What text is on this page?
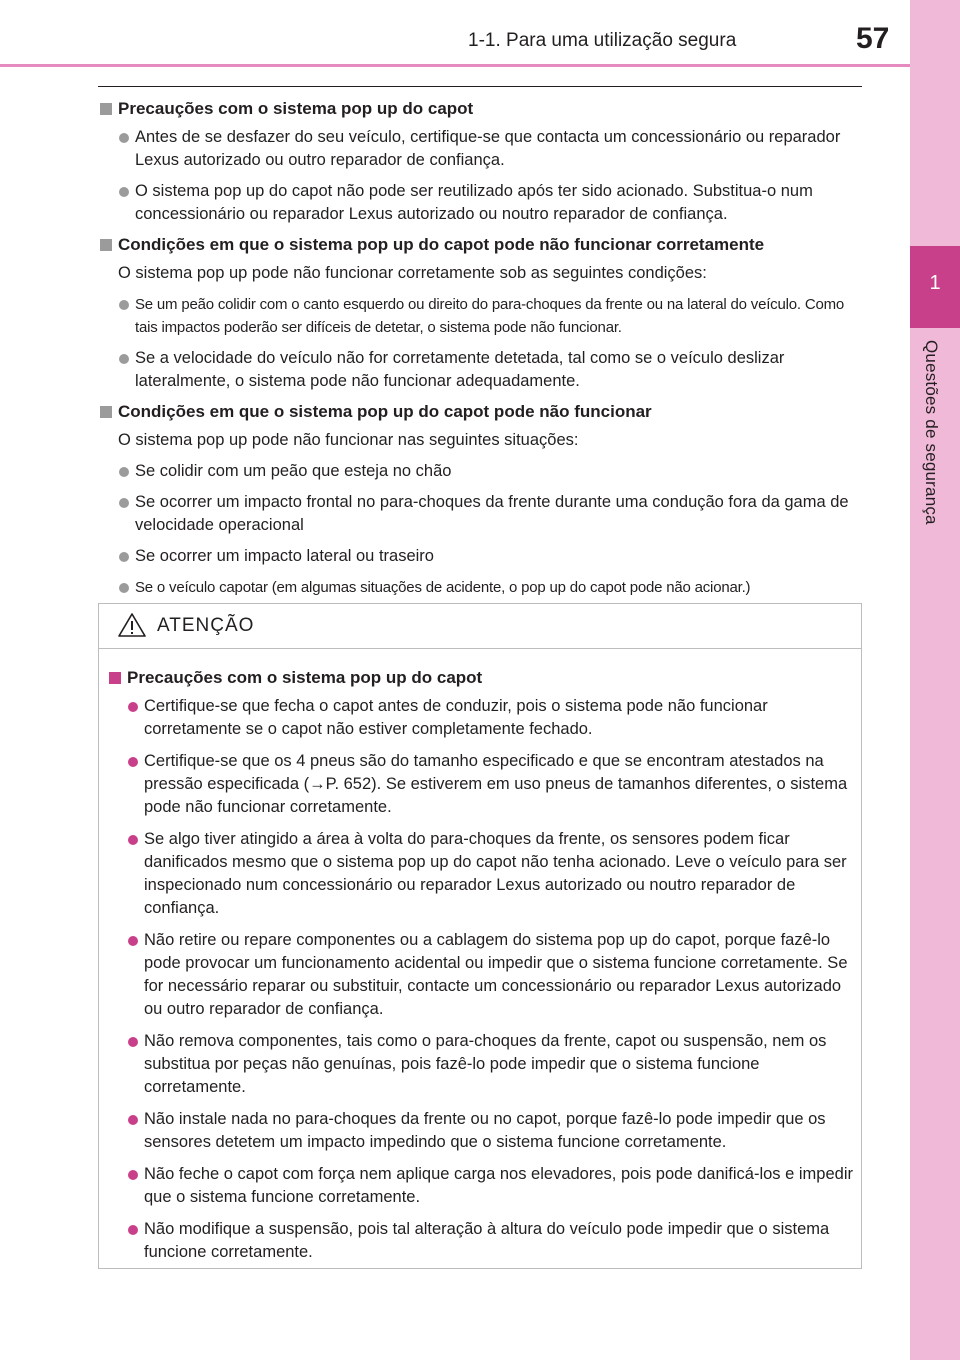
1-1. Para uma utilização segura	57
1
Questões de segurança
Precauções com o sistema pop up do capot
Antes de se desfazer do seu veículo, certifique-se que contacta um concessionário ou reparador Lexus autorizado ou outro reparador de confiança.
O sistema pop up do capot não pode ser reutilizado após ter sido acionado. Substitua-o num concessionário ou reparador Lexus autorizado ou noutro reparador de confiança.
Condições em que o sistema pop up do capot pode não funcionar corretamente
O sistema pop up pode não funcionar corretamente sob as seguintes condições:
Se um peão colidir com o canto esquerdo ou direito do para-choques da frente ou na lateral do veículo. Como tais impactos poderão ser difíceis de detetar, o sistema pode não funcionar.
Se a velocidade do veículo não for corretamente detetada, tal como se o veículo deslizar lateralmente, o sistema pode não funcionar adequadamente.
Condições em que o sistema pop up do capot pode não funcionar
O sistema pop up pode não funcionar nas seguintes situações:
Se colidir com um peão que esteja no chão
Se ocorrer um impacto frontal no para-choques da frente durante uma condução fora da gama de velocidade operacional
Se ocorrer um impacto lateral ou traseiro
Se o veículo capotar (em algumas situações de acidente, o pop up do capot pode não acionar.)
ATENÇÃO
Precauções com o sistema pop up do capot
Certifique-se que fecha o capot antes de conduzir, pois o sistema pode não funcionar corretamente se o capot não estiver completamente fechado.
Certifique-se que os 4 pneus são do tamanho especificado e que se encontram atestados na pressão especificada (→P. 652). Se estiverem em uso pneus de tamanhos diferentes, o sistema pode não funcionar corretamente.
Se algo tiver atingido a área à volta do para-choques da frente, os sensores podem ficar danificados mesmo que o sistema pop up do capot não tenha acionado. Leve o veículo para ser inspecionado num concessionário ou reparador Lexus autorizado ou noutro reparador de confiança.
Não retire ou repare componentes ou a cablagem do sistema pop up do capot, porque fazê-lo pode provocar um funcionamento acidental ou impedir que o sistema funcione corretamente. Se for necessário reparar ou substituir, contacte um concessionário ou reparador Lexus autorizado ou outro reparador de confiança.
Não remova componentes, tais como o para-choques da frente, capot ou suspensão, nem os substitua por peças não genuínas, pois fazê-lo pode impedir que o sistema funcione corretamente.
Não instale nada no para-choques da frente ou no capot, porque fazê-lo pode impedir que os sensores detetem um impacto impedindo que o sistema funcione corretamente.
Não feche o capot com força nem aplique carga nos elevadores, pois pode danificá-los e impedir que o sistema funcione corretamente.
Não modifique a suspensão, pois tal alteração à altura do veículo pode impedir que o sistema funcione corretamente.
